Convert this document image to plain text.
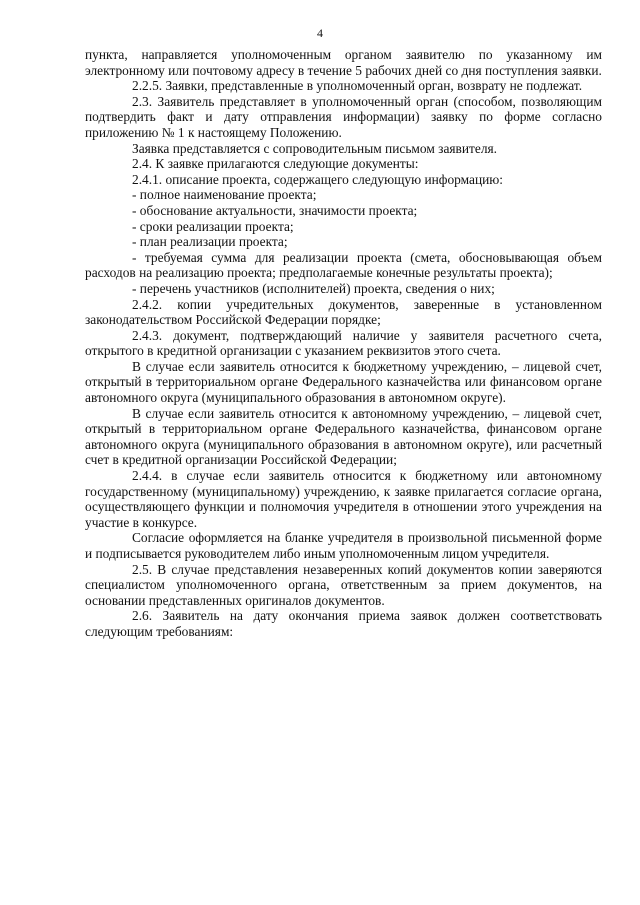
4

пункта, направляется уполномоченным органом заявителю по указанному им электронному или почтовому адресу в течение 5 рабочих дней со дня поступления заявки.

2.2.5. Заявки, представленные в уполномоченный орган, возврату не подлежат.

2.3. Заявитель представляет в уполномоченный орган (способом, позволяющим подтвердить факт и дату отправления информации) заявку по форме согласно приложению № 1 к настоящему Положению.

Заявка представляется с сопроводительным письмом заявителя.

2.4. К заявке прилагаются следующие документы:

2.4.1. описание проекта, содержащего следующую информацию:

- полное наименование проекта;

- обоснование актуальности, значимости проекта;

- сроки реализации проекта;

- план реализации проекта;

- требуемая сумма для реализации проекта (смета, обосновывающая объем расходов на реализацию проекта; предполагаемые конечные результаты проекта);

- перечень участников (исполнителей) проекта, сведения о них;

2.4.2. копии учредительных документов, заверенные в установленном законодательством Российской Федерации порядке;

2.4.3. документ, подтверждающий наличие у заявителя расчетного счета, открытого в кредитной организации с указанием реквизитов этого счета.

В случае если заявитель относится к бюджетному учреждению, – лицевой счет, открытый в территориальном органе Федерального казначейства или финансовом органе автономного округа (муниципального образования в автономном округе).

В случае если заявитель относится к автономному учреждению, – лицевой счет, открытый в территориальном органе Федерального казначейства, финансовом органе автономного округа (муниципального образования в автономном округе), или расчетный счет в кредитной организации Российской Федерации;

2.4.4. в случае если заявитель относится к бюджетному или автономному государственному (муниципальному) учреждению, к заявке прилагается согласие органа, осуществляющего функции и полномочия учредителя в отношении этого учреждения на участие в конкурсе.

Согласие оформляется на бланке учредителя в произвольной письменной форме и подписывается руководителем либо иным уполномоченным лицом учредителя.

2.5. В случае представления незаверенных копий документов копии заверяются специалистом уполномоченного органа, ответственным за прием документов, на основании представленных оригиналов документов.

2.6. Заявитель на дату окончания приема заявок должен соответствовать следующим требованиям:
